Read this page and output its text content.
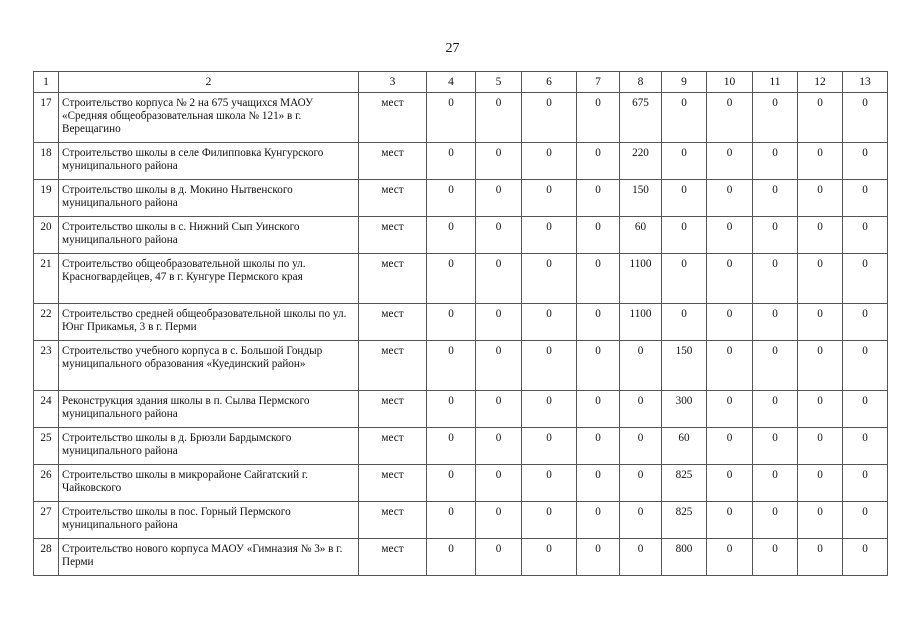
27
1	2	3	4	5	6	7	8	9	10	11	12	13
17	Строительство корпуса № 2 на 675 учащихся МАОУ «Средняя общеобразовательная школа № 121» в г. Верещагино	мест	0	0	0	0	675	0	0	0	0	0
18	Строительство школы в селе Филипповка Кунгурского муниципального района	мест	0	0	0	0	220	0	0	0	0	0
19	Строительство школы в д. Мокино Нытвенского муниципального района	мест	0	0	0	0	150	0	0	0	0	0
20	Строительство школы в с. Нижний Сып Уинского муниципального района	мест	0	0	0	0	60	0	0	0	0	0
21	Строительство общеобразовательной школы по ул. Красногвардейцев, 47 в г. Кунгуре Пермского края	мест	0	0	0	0	1100	0	0	0	0	0
22	Строительство средней общеобразовательной школы по ул. Юнг Прикамья, 3 в г. Перми	мест	0	0	0	0	1100	0	0	0	0	0
23	Строительство учебного корпуса в с. Большой Гондыр муниципального образования «Куединский район»	мест	0	0	0	0	0	150	0	0	0	0
24	Реконструкция здания школы в п. Сылва Пермского муниципального района	мест	0	0	0	0	0	300	0	0	0	0
25	Строительство школы в д. Брюзли Бардымского муниципального района	мест	0	0	0	0	0	60	0	0	0	0
26	Строительство школы в микрорайоне Сайгатский г. Чайковского	мест	0	0	0	0	0	825	0	0	0	0
27	Строительство школы в пос. Горный Пермского муниципального района	мест	0	0	0	0	0	825	0	0	0	0
28	Строительство нового корпуса МАОУ «Гимназия № 3» в г. Перми	мест	0	0	0	0	0	800	0	0	0	0
